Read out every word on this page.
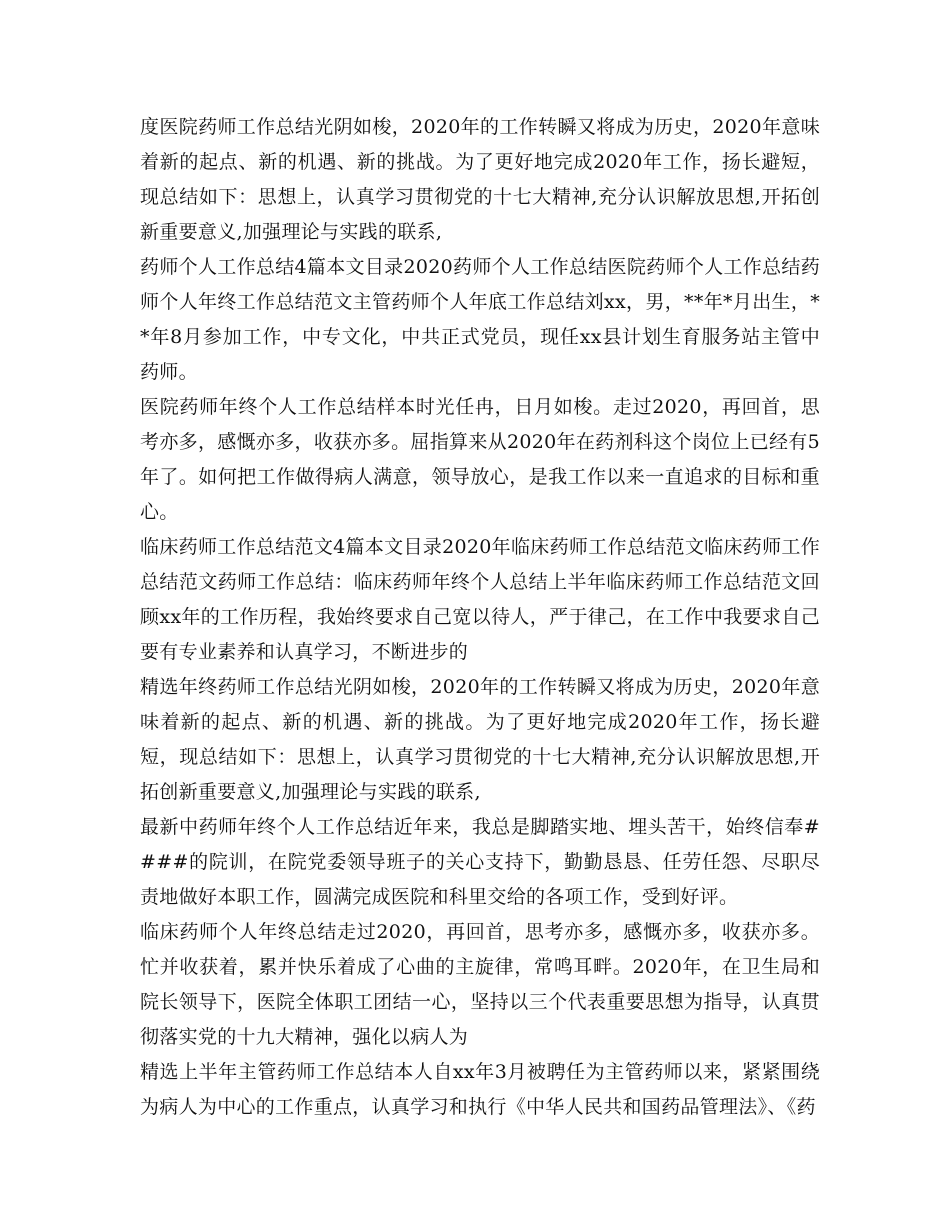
度医院药师工作总结光阴如梭，2020年的工作转瞬又将成为历史，2020年意味着新的起点、新的机遇、新的挑战。为了更好地完成2020年工作，扬长避短，现总结如下：思想上，认真学习贯彻党的十七大精神,充分认识解放思想,开拓创新重要意义,加强理论与实践的联系,

药师个人工作总结4篇本文目录2020药师个人工作总结医院药师个人工作总结药师个人年终工作总结范文主管药师个人年底工作总结刘xx，男，**年*月出生，**年8月参加工作，中专文化，中共正式党员，现任xx县计划生育服务站主管中药师。

医院药师年终个人工作总结样本时光任冉，日月如梭。走过2020，再回首，思考亦多，感慨亦多，收获亦多。屈指算来从2020年在药剂科这个岗位上已经有5年了。如何把工作做得病人满意，领导放心，是我工作以来一直追求的目标和重心。

临床药师工作总结范文4篇本文目录2020年临床药师工作总结范文临床药师工作总结范文药师工作总结：临床药师年终个人总结上半年临床药师工作总结范文回顾xx年的工作历程，我始终要求自己宽以待人，严于律己，在工作中我要求自己要有专业素养和认真学习，不断进步的

精选年终药师工作总结光阴如梭，2020年的工作转瞬又将成为历史，2020年意味着新的起点、新的机遇、新的挑战。为了更好地完成2020年工作，扬长避短，现总结如下：思想上，认真学习贯彻党的十七大精神,充分认识解放思想,开拓创新重要意义,加强理论与实践的联系,

最新中药师年终个人工作总结近年来，我总是脚踏实地、埋头苦干，始终信奉####的院训，在院党委领导班子的关心支持下，勤勤恳恳、任劳任怨、尽职尽责地做好本职工作，圆满完成医院和科里交给的各项工作，受到好评。

临床药师个人年终总结走过2020，再回首，思考亦多，感慨亦多，收获亦多。忙并收获着，累并快乐着成了心曲的主旋律，常鸣耳畔。2020年，在卫生局和院长领导下，医院全体职工团结一心，坚持以三个代表重要思想为指导，认真贯彻落实党的十九大精神，强化以病人为

精选上半年主管药师工作总结本人自xx年3月被聘任为主管药师以来，紧紧围绕为病人为中心的工作重点，认真学习和执行《中华人民共和国药品管理法》、《药
